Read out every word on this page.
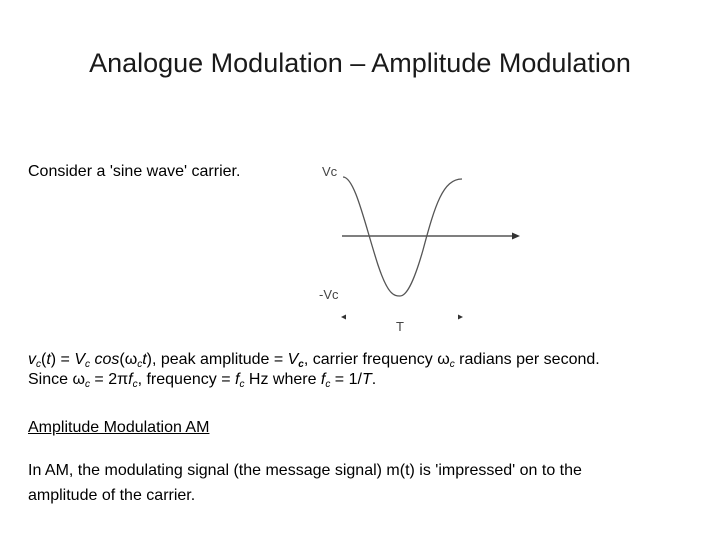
Analogue Modulation – Amplitude Modulation
Consider a 'sine wave' carrier.	Vc
-Vc
T
$v_c(t) = V_c$ $\cos(\omega_ct)$, peak amplitude = $V_c$, carrier frequency $\omega_c$ radians per second.
Since $\omega_c = 2\pi f_c$, frequency = $f_c$ Hz where $f_c = 1/T$.
Amplitude Modulation AM
In AM, the modulating signal (the message signal) m(t) is 'impressed' on to the
amplitude of the carrier.
